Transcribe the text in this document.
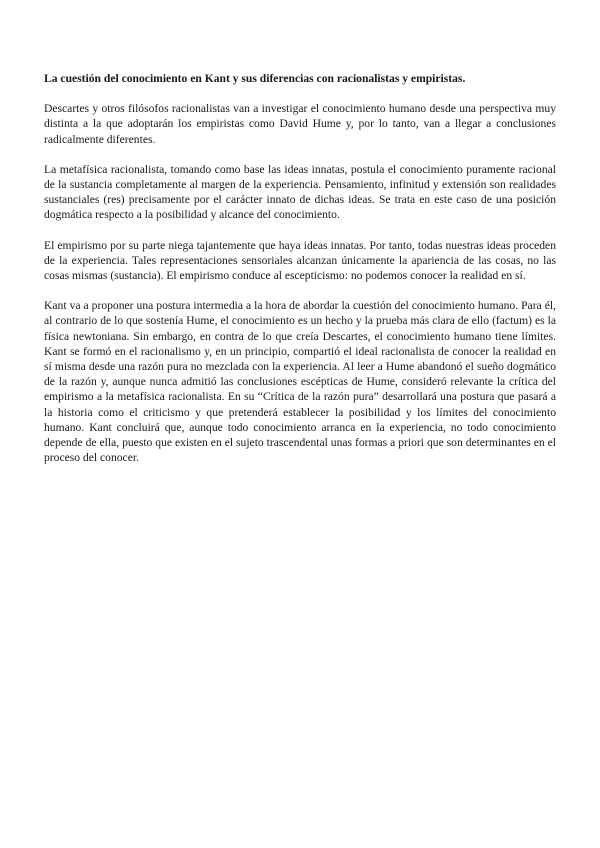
La cuestión del conocimiento en Kant y sus diferencias con racionalistas y empiristas.

Descartes y otros filósofos racionalistas van a investigar el conocimiento humano desde una perspectiva muy distinta a la que adoptarán los empiristas como David Hume y, por lo tanto, van a llegar a conclusiones radicalmente diferentes.

La metafísica racionalista, tomando como base las ideas innatas, postula el conocimiento puramente racional de la sustancia completamente al margen de la experiencia. Pensamiento, infinitud y extensión son realidades sustanciales (res) precisamente por el carácter innato de dichas ideas. Se trata en este caso de una posición dogmática respecto a la posibilidad y alcance del conocimiento.

El empirismo por su parte niega tajantemente que haya ideas innatas. Por tanto, todas nuestras ideas proceden de la experiencia. Tales representaciones sensoriales alcanzan únicamente la apariencia de las cosas, no las cosas mismas (sustancia). El empirismo conduce al escepticismo: no podemos conocer la realidad en sí.

Kant va a proponer una postura intermedia a la hora de abordar la cuestión del conocimiento humano. Para él, al contrario de lo que sostenía Hume, el conocimiento es un hecho y la prueba más clara de ello (factum) es la física newtoniana. Sin embargo, en contra de lo que creía Descartes, el conocimiento humano tiene límites. Kant se formó en el racionalismo y, en un principio, compartió el ideal racionalista de conocer la realidad en sí misma desde una razón pura no mezclada con la experiencia. Al leer a Hume abandonó el sueño dogmático de la razón y, aunque nunca admitió las conclusiones escépticas de Hume, consideró relevante la crítica del empirismo a la metafísica racionalista. En su “Crítica de la razón pura” desarrollará una postura que pasará a la historia como el criticismo y que pretenderá establecer la posibilidad y los límites del conocimiento humano. Kant concluirá que, aunque todo conocimiento arranca en la experiencia, no todo conocimiento depende de ella, puesto que existen en el sujeto trascendental unas formas a priori que son determinantes en el proceso del conocer.
